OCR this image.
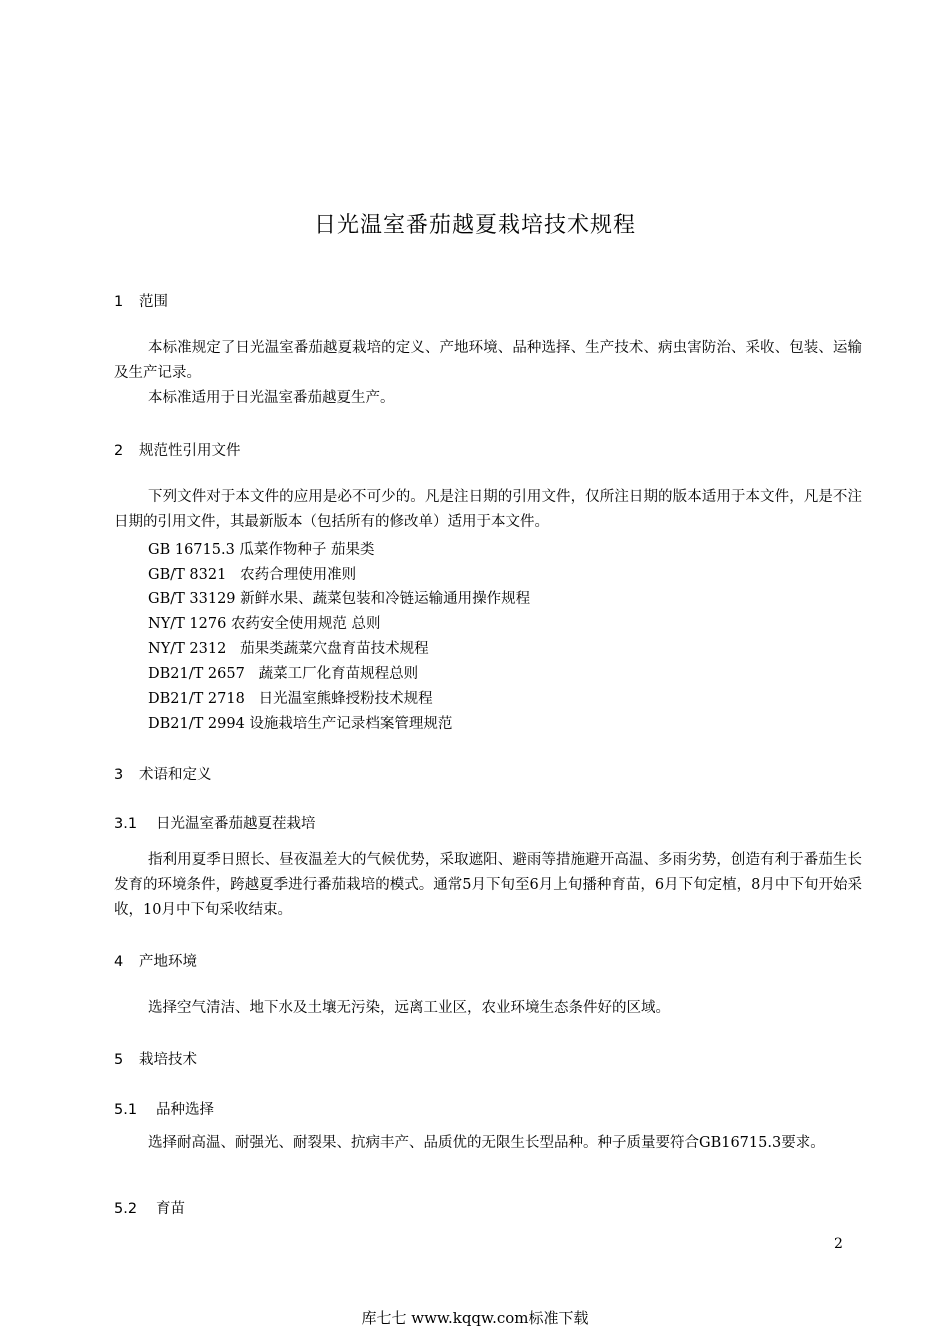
日光温室番茄越夏栽培技术规程
1 范围
本标准规定了日光温室番茄越夏栽培的定义、产地环境、品种选择、生产技术、病虫害防治、采收、包装、运输及生产记录。
本标准适用于日光温室番茄越夏生产。
2 规范性引用文件
下列文件对于本文件的应用是必不可少的。凡是注日期的引用文件，仅所注日期的版本适用于本文件，凡是不注日期的引用文件，其最新版本（包括所有的修改单）适用于本文件。
GB 16715.3 瓜菜作物种子 茄果类
GB/T 8321 农药合理使用准则
GB/T 33129 新鲜水果、蔬菜包装和冷链运输通用操作规程
NY/T 1276 农药安全使用规范 总则
NY/T 2312 茄果类蔬菜穴盘育苗技术规程
DB21/T 2657 蔬菜工厂化育苗规程总则
DB21/T 2718 日光温室熊蜂授粉技术规程
DB21/T 2994 设施栽培生产记录档案管理规范
3 术语和定义
3.1 日光温室番茄越夏茬栽培
指利用夏季日照长、昼夜温差大的气候优势，采取遮阳、避雨等措施避开高温、多雨劣势，创造有利于番茄生长发育的环境条件，跨越夏季进行番茄栽培的模式。通常5月下旬至6月上旬播种育苗，6月下旬定植，8月中下旬开始采收，10月中下旬采收结束。
4 产地环境
选择空气清洁、地下水及土壤无污染，远离工业区，农业环境生态条件好的区域。
5 栽培技术
5.1 品种选择
选择耐高温、耐强光、耐裂果、抗病丰产、品质优的无限生长型品种。种子质量要符合GB16715.3要求。
5.2 育苗
2
库七七 www.kqqw.com标准下载
